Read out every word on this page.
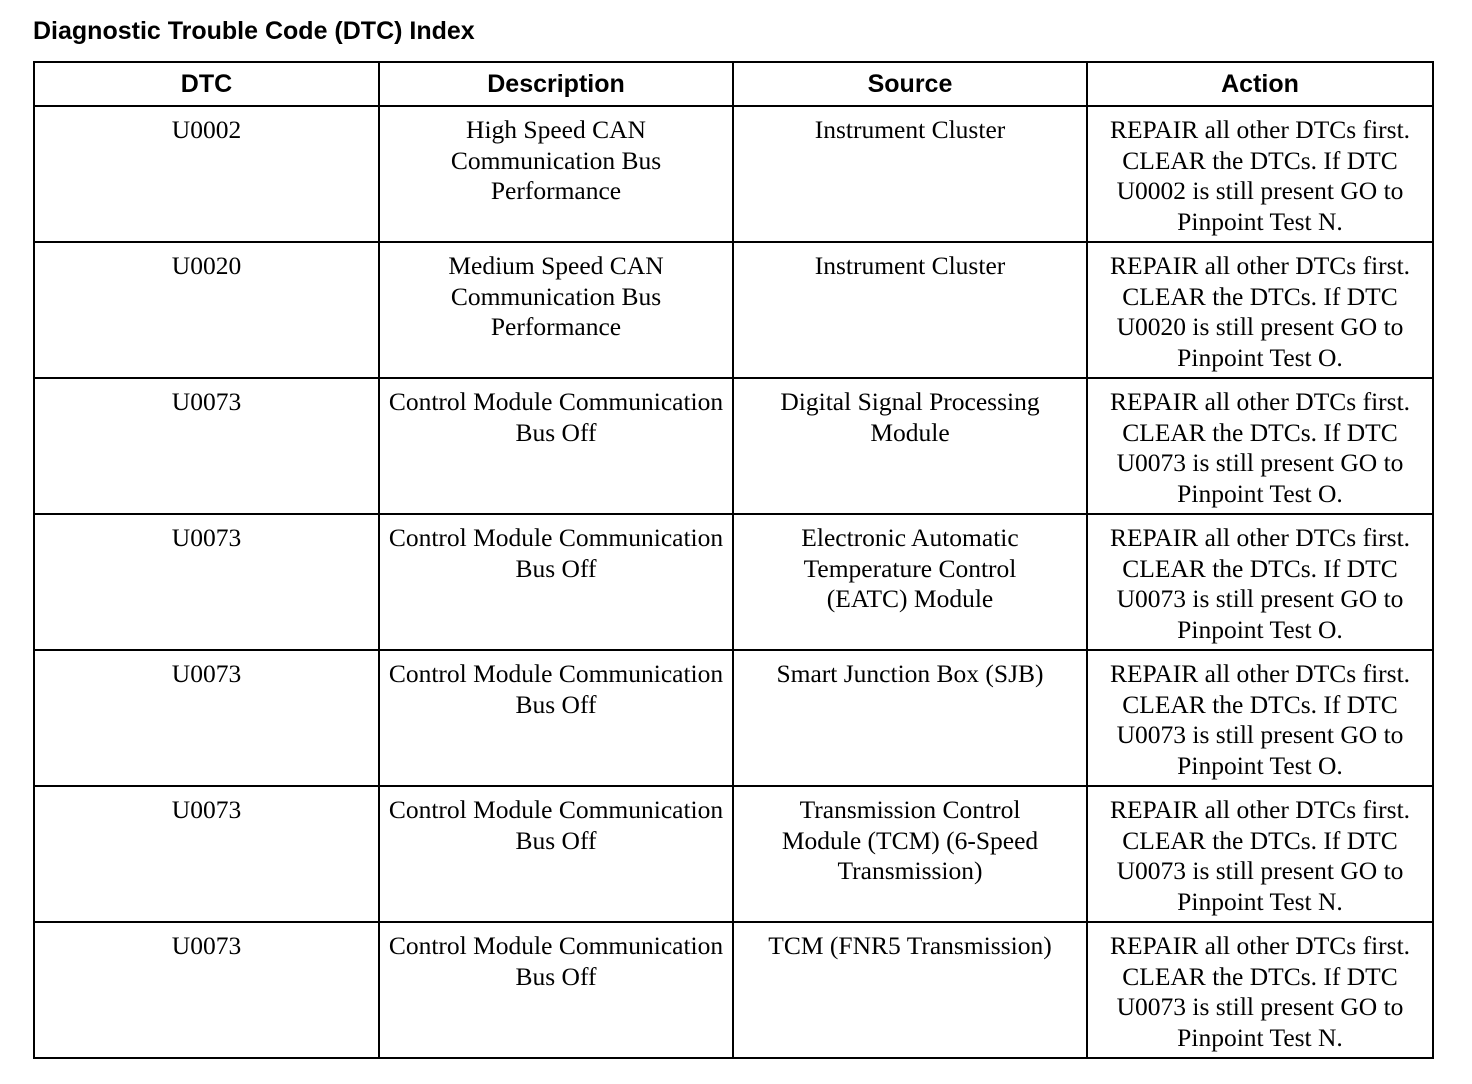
Diagnostic Trouble Code (DTC) Index
DTC	Description	Source	Action
U0002	High Speed CAN Communication Bus Performance	Instrument Cluster	REPAIR all other DTCs first. CLEAR the DTCs. If DTC U0002 is still present GO to Pinpoint Test N.
U0020	Medium Speed CAN Communication Bus Performance	Instrument Cluster	REPAIR all other DTCs first. CLEAR the DTCs. If DTC U0020 is still present GO to Pinpoint Test O.
U0073	Control Module Communication Bus Off	Digital Signal Processing Module	REPAIR all other DTCs first. CLEAR the DTCs. If DTC U0073 is still present GO to Pinpoint Test O.
U0073	Control Module Communication Bus Off	Electronic Automatic Temperature Control (EATC) Module	REPAIR all other DTCs first. CLEAR the DTCs. If DTC U0073 is still present GO to Pinpoint Test O.
U0073	Control Module Communication Bus Off	Smart Junction Box (SJB)	REPAIR all other DTCs first. CLEAR the DTCs. If DTC U0073 is still present GO to Pinpoint Test O.
U0073	Control Module Communication Bus Off	Transmission Control Module (TCM) (6-Speed Transmission)	REPAIR all other DTCs first. CLEAR the DTCs. If DTC U0073 is still present GO to Pinpoint Test N.
U0073	Control Module Communication Bus Off	TCM (FNR5 Transmission)	REPAIR all other DTCs first. CLEAR the DTCs. If DTC U0073 is still present GO to Pinpoint Test N.
